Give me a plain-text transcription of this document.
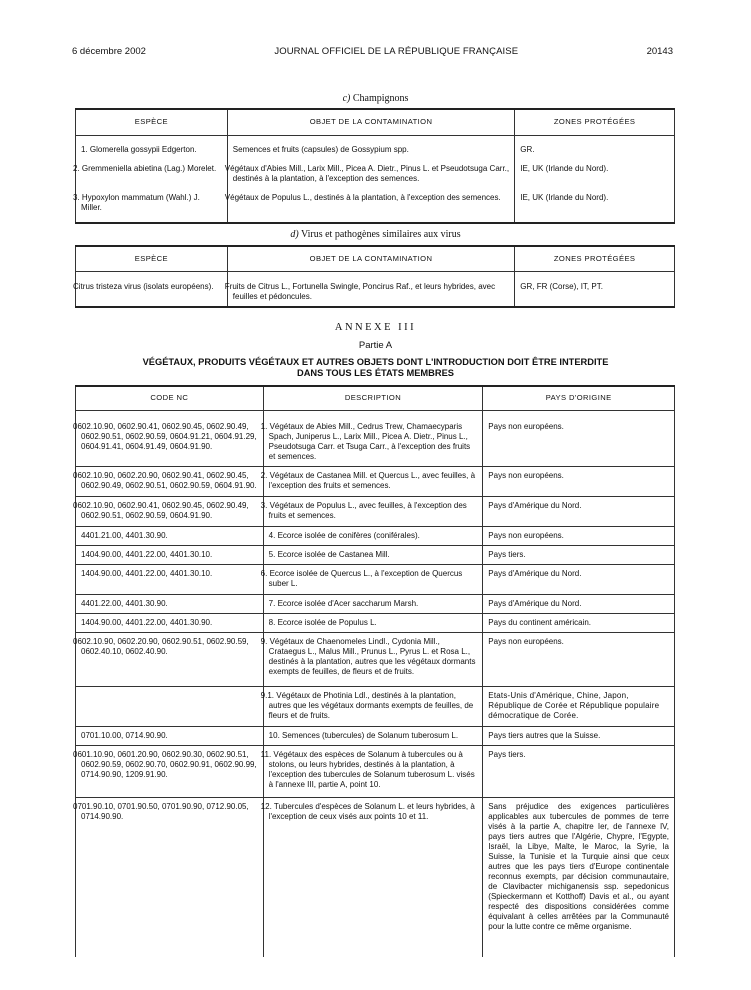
6 décembre 2002	JOURNAL OFFICIEL DE LA RÉPUBLIQUE FRANÇAISE	20143
c) Champignons
ESPÈCE	OBJET DE LA CONTAMINATION	ZONES PROTÉGÉES
1. Glomerella gossypii Edgerton.	Semences et fruits (capsules) de Gossypium spp.	GR.
2. Gremmeniella abietina (Lag.) Morelet.	Végétaux d'Abies Mill., Larix Mill., Picea A. Dietr., Pinus L. et Pseudotsuga Carr., destinés à la plantation, à l'exception des semences.	IE, UK (Irlande du Nord).
3. Hypoxylon mammatum (Wahl.) J. Miller.	Végétaux de Populus L., destinés à la plantation, à l'exception des semences.	IE, UK (Irlande du Nord).
d) Virus et pathogènes similaires aux virus
ESPÈCE	OBJET DE LA CONTAMINATION	ZONES PROTÉGÉES
Citrus tristeza virus (isolats européens).	Fruits de Citrus L., Fortunella Swingle, Poncirus Raf., et leurs hybrides, avec feuilles et pédoncules.	GR, FR (Corse), IT, PT.
ANNEXE III
Partie A
VÉGÉTAUX, PRODUITS VÉGÉTAUX ET AUTRES OBJETS DONT L'INTRODUCTION DOIT ÊTRE INTERDITE
DANS TOUS LES ÉTATS MEMBRES
CODE NC	DESCRIPTION	PAYS D'ORIGINE
0602.10.90, 0602.90.41, 0602.90.45, 0602.90.49, 0602.90.51, 0602.90.59, 0604.91.21, 0604.91.29, 0604.91.41, 0604.91.49, 0604.91.90.	1. Végétaux de Abies Mill., Cedrus Trew, Chamaecyparis Spach, Juniperus L., Larix Mill., Picea A. Dietr., Pinus L., Pseudotsuga Carr. et Tsuga Carr., à l'exception des fruits et semences.	Pays non européens.
0602.10.90, 0602.20.90, 0602.90.41, 0602.90.45, 0602.90.49, 0602.90.51, 0602.90.59, 0604.91.90.	2. Végétaux de Castanea Mill. et Quercus L., avec feuilles, à l'exception des fruits et semences.	Pays non européens.
0602.10.90, 0602.90.41, 0602.90.45, 0602.90.49, 0602.90.51, 0602.90.59, 0604.91.90.	3. Végétaux de Populus L., avec feuilles, à l'exception des fruits et semences.	Pays d'Amérique du Nord.
4401.21.00, 4401.30.90.	4. Ecorce isolée de conifères (coniférales).	Pays non européens.
1404.90.00, 4401.22.00, 4401.30.10.	5. Ecorce isolée de Castanea Mill.	Pays tiers.
1404.90.00, 4401.22.00, 4401.30.10.	6. Ecorce isolée de Quercus L., à l'exception de Quercus suber L.	Pays d'Amérique du Nord.
4401.22.00, 4401.30.90.	7. Ecorce isolée d'Acer saccharum Marsh.	Pays d'Amérique du Nord.
1404.90.00, 4401.22.00, 4401.30.90.	8. Ecorce isolée de Populus L.	Pays du continent américain.
0602.10.90, 0602.20.90, 0602.90.51, 0602.90.59, 0602.40.10, 0602.40.90.	9. Végétaux de Chaenomeles Lindl., Cydonia Mill., Crataegus L., Malus Mill., Prunus L., Pyrus L. et Rosa L., destinés à la plantation, autres que les végétaux dormants exempts de feuilles, de fleurs et de fruits.	Pays non européens.
	9.1. Végétaux de Photinia Ldl., destinés à la plantation, autres que les végétaux dormants exempts de feuilles, de fleurs et de fruits.	Etats-Unis d'Amérique, Chine, Japon, République de Corée et République populaire démocratique de Corée.
0701.10.00, 0714.90.90.	10. Semences (tubercules) de Solanum tuberosum L.	Pays tiers autres que la Suisse.
0601.10.90, 0601.20.90, 0602.90.30, 0602.90.51, 0602.90.59, 0602.90.70, 0602.90.91, 0602.90.99, 0714.90.90, 1209.91.90.	11. Végétaux des espèces de Solanum à tubercules ou à stolons, ou leurs hybrides, destinés à la plantation, à l'exception des tubercules de Solanum tuberosum L. visés à l'annexe III, partie A, point 10.	Pays tiers.
0701.90.10, 0701.90.50, 0701.90.90, 0712.90.05, 0714.90.90.	12. Tubercules d'espèces de Solanum L. et leurs hybrides, à l'exception de ceux visés aux points 10 et 11.	Sans préjudice des exigences particulières applicables aux tubercules de pommes de terre visés à la partie A, chapitre Ier, de l'annexe IV, pays tiers autres que l'Algérie, Chypre, l'Egypte, Israël, la Libye, Malte, le Maroc, la Syrie, la Suisse, la Tunisie et la Turquie ainsi que ceux autres que les pays tiers d'Europe continentale reconnus exempts, par décision communautaire, de Clavibacter michiganensis ssp. sepedonicus (Spieckermann et Kotthoff) Davis et al., ou ayant respecté des dispositions considérées comme équivalant à celles arrêtées par la Communauté pour la lutte contre ce même organisme.
